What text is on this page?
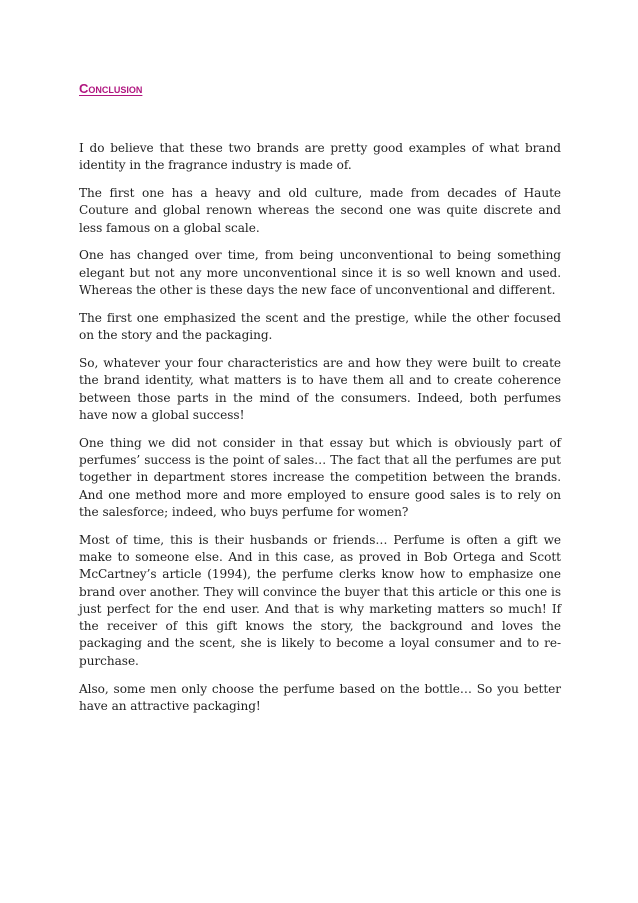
Conclusion

I do believe that these two brands are pretty good examples of what brand identity in the fragrance industry is made of.

The first one has a heavy and old culture, made from decades of Haute Couture and global renown whereas the second one was quite discrete and less famous on a global scale.

One has changed over time, from being unconventional to being something elegant but not any more unconventional since it is so well known and used. Whereas the other is these days the new face of unconventional and different.

The first one emphasized the scent and the prestige, while the other focused on the story and the packaging.

So, whatever your four characteristics are and how they were built to create the brand identity, what matters is to have them all and to create coherence between those parts in the mind of the consumers. Indeed, both perfumes have now a global success!

One thing we did not consider in that essay but which is obviously part of perfumes’ success is the point of sales… The fact that all the perfumes are put together in department stores increase the competition between the brands. And one method more and more employed to ensure good sales is to rely on the salesforce; indeed, who buys perfume for women?

Most of time, this is their husbands or friends… Perfume is often a gift we make to someone else. And in this case, as proved in Bob Ortega and Scott McCartney’s article (1994), the perfume clerks know how to emphasize one brand over another. They will convince the buyer that this article or this one is just perfect for the end user. And that is why marketing matters so much! If the receiver of this gift knows the story, the background and loves the packaging and the scent, she is likely to become a loyal consumer and to re-purchase.

Also, some men only choose the perfume based on the bottle… So you better have an attractive packaging!
